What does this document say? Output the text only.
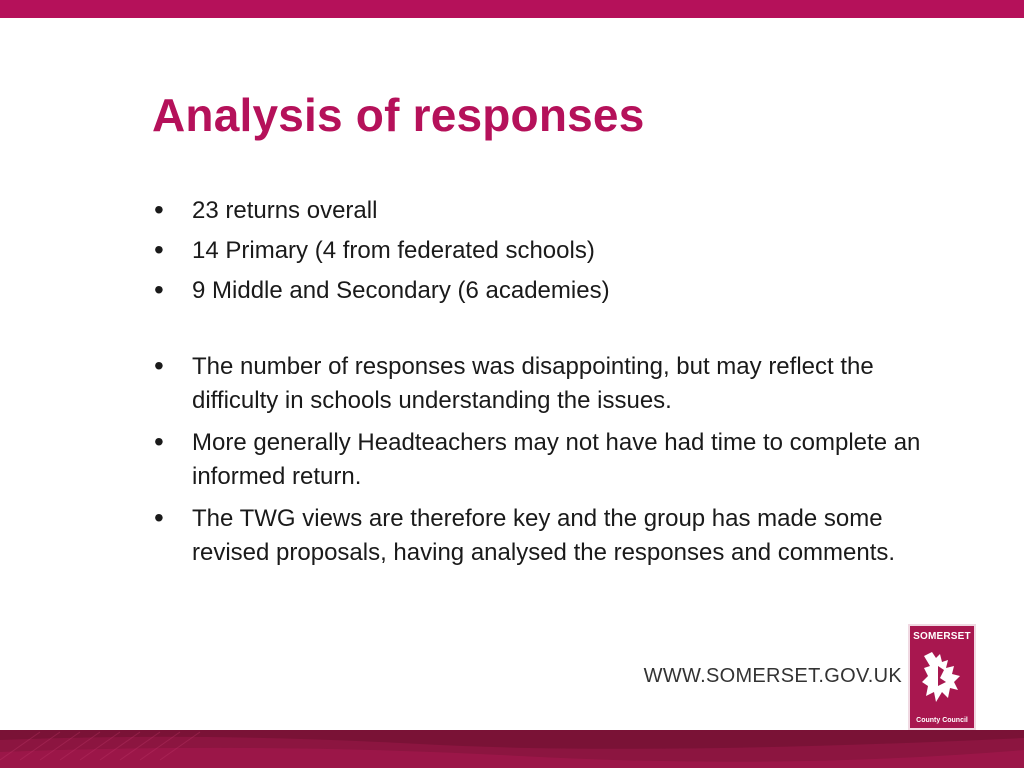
Analysis of responses
• 23 returns overall
• 14 Primary (4 from federated schools)
• 9 Middle and Secondary (6 academies)
• The number of responses was disappointing, but may reflect the difficulty in schools understanding the issues.
• More generally Headteachers may not have had time to complete an informed return.
• The TWG views are therefore key and the group has made some revised proposals, having analysed the responses and comments.
WWW.SOMERSET.GOV.UK
SOMERSET
County Council
